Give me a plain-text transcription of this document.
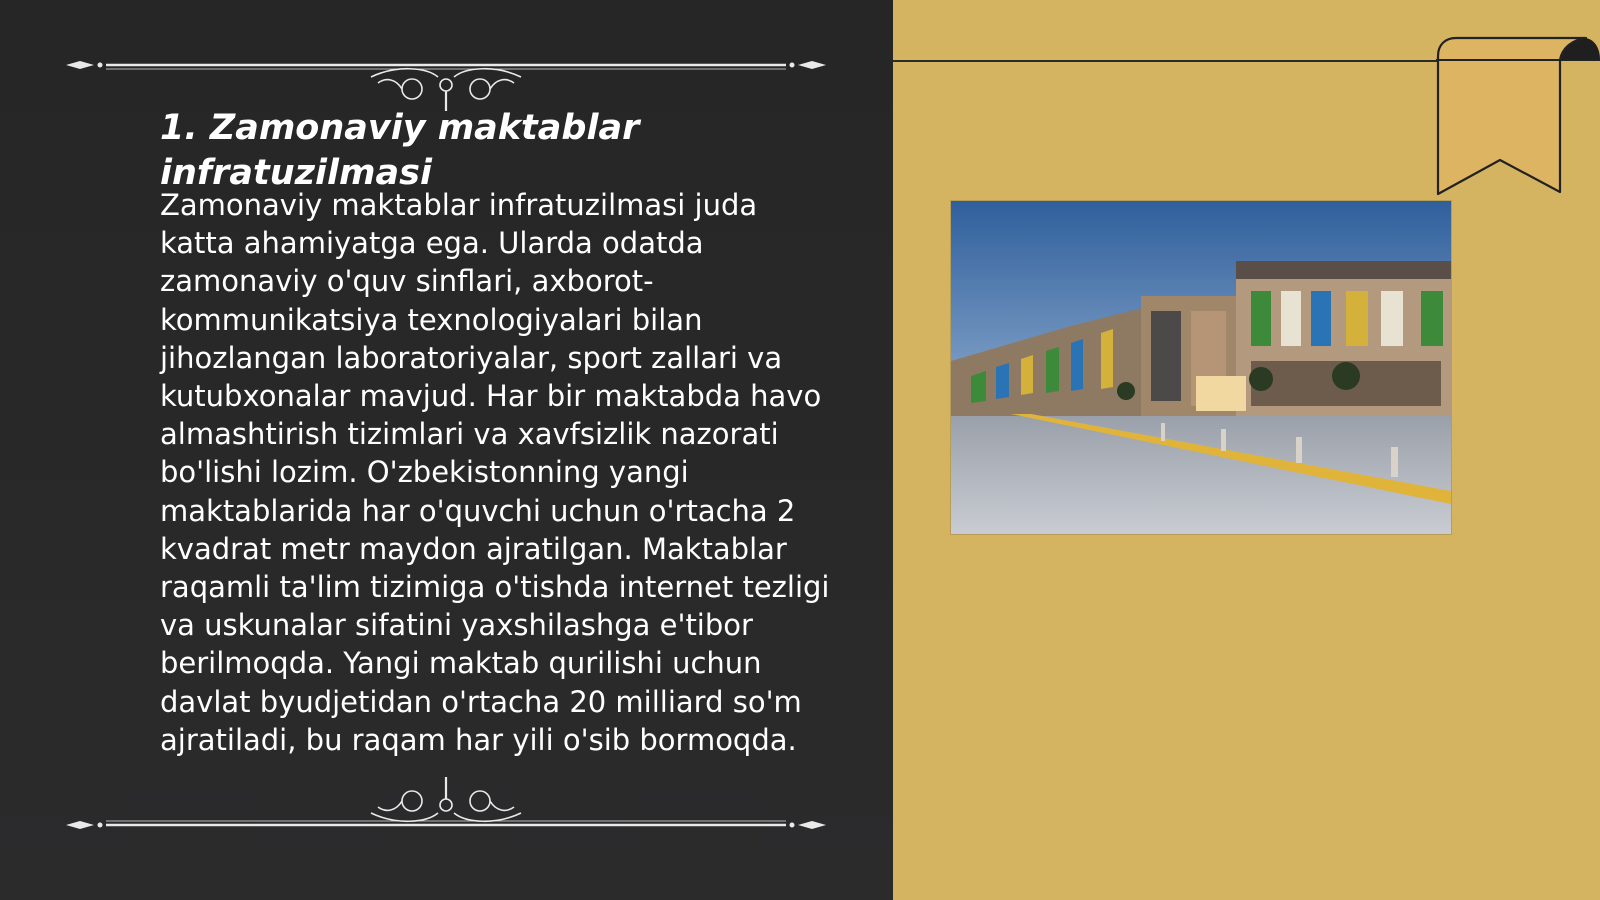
1. Zamonaviy maktablar infratuzilmasi

Zamonaviy maktablar infratuzilmasi juda katta ahamiyatga ega. Ularda odatda zamonaviy o'quv sinflari, axborot-kommunikatsiya texnologiyalari bilan jihozlangan laboratoriyalar, sport zallari va kutubxonalar mavjud. Har bir maktabda havo almashtirish tizimlari va xavfsizlik nazorati bo'lishi lozim. O'zbekistonning yangi maktablarida har o'quvchi uchun o'rtacha 2 kvadrat metr maydon ajratilgan. Maktablar raqamli ta'lim tizimiga o'tishda internet tezligi va uskunalar sifatini yaxshilashga e'tibor berilmoqda. Yangi maktab qurilishi uchun davlat byudjetidan o'rtacha 20 milliard so'm ajratiladi, bu raqam har yili o'sib bormoqda.
